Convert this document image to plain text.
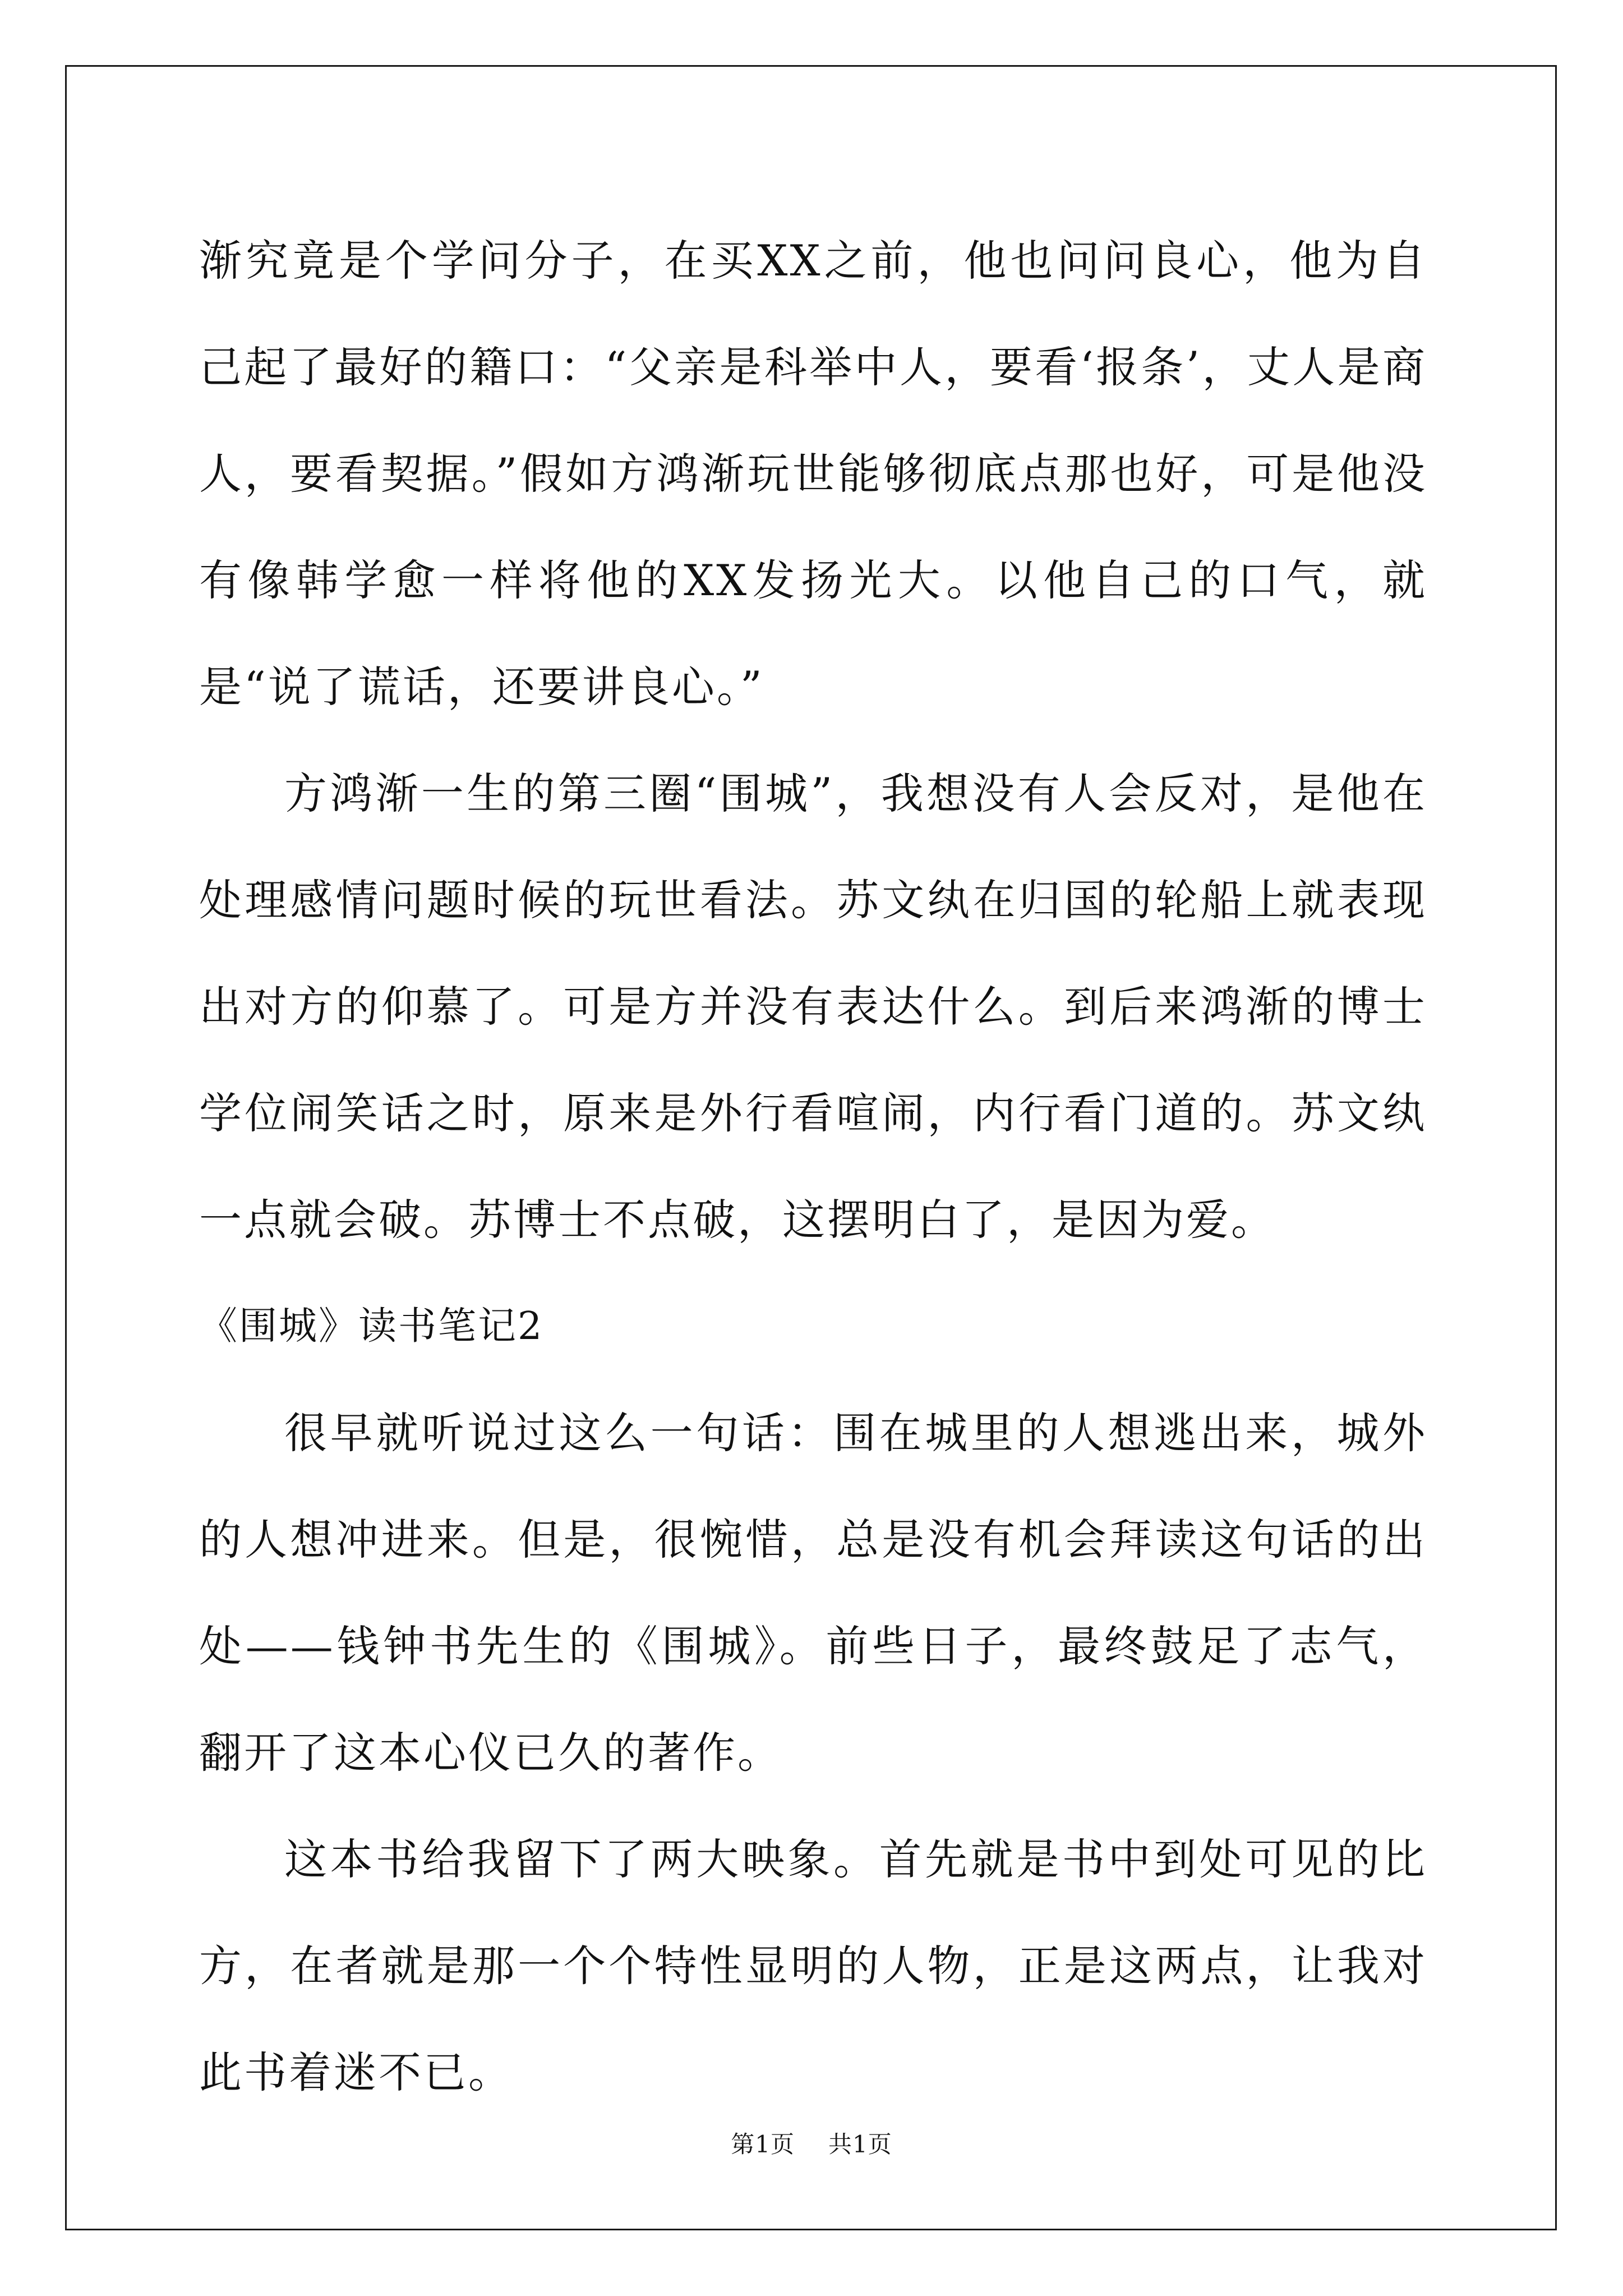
渐究竟是个学问分子，在买XX之前，他也问问良心，他为自己起了最好的籍口：“父亲是科举中人，要看‘报条’，丈人是商人，要看契据。”假如方鸿渐玩世能够彻底点那也好，可是他没有像韩学愈一样将他的XX发扬光大。以他自己的口气，就是“说了谎话，还要讲良心。”

方鸿渐一生的第三圈“围城”，我想没有人会反对，是他在处理感情问题时候的玩世看法。苏文纨在归国的轮船上就表现出对方的仰慕了。可是方并没有表达什么。到后来鸿渐的博士学位闹笑话之时，原来是外行看喧闹，内行看门道的。苏文纨一点就会破。苏博士不点破，这摆明白了，是因为爱。

《围城》读书笔记2

很早就听说过这么一句话：围在城里的人想逃出来，城外的人想冲进来。但是，很惋惜，总是没有机会拜读这句话的出处——钱钟书先生的《围城》。前些日子，最终鼓足了志气，翻开了这本心仪已久的著作。

这本书给我留下了两大映象。首先就是书中到处可见的比方，在者就是那一个个特性显明的人物，正是这两点，让我对此书着迷不已。

第1页 共1页
